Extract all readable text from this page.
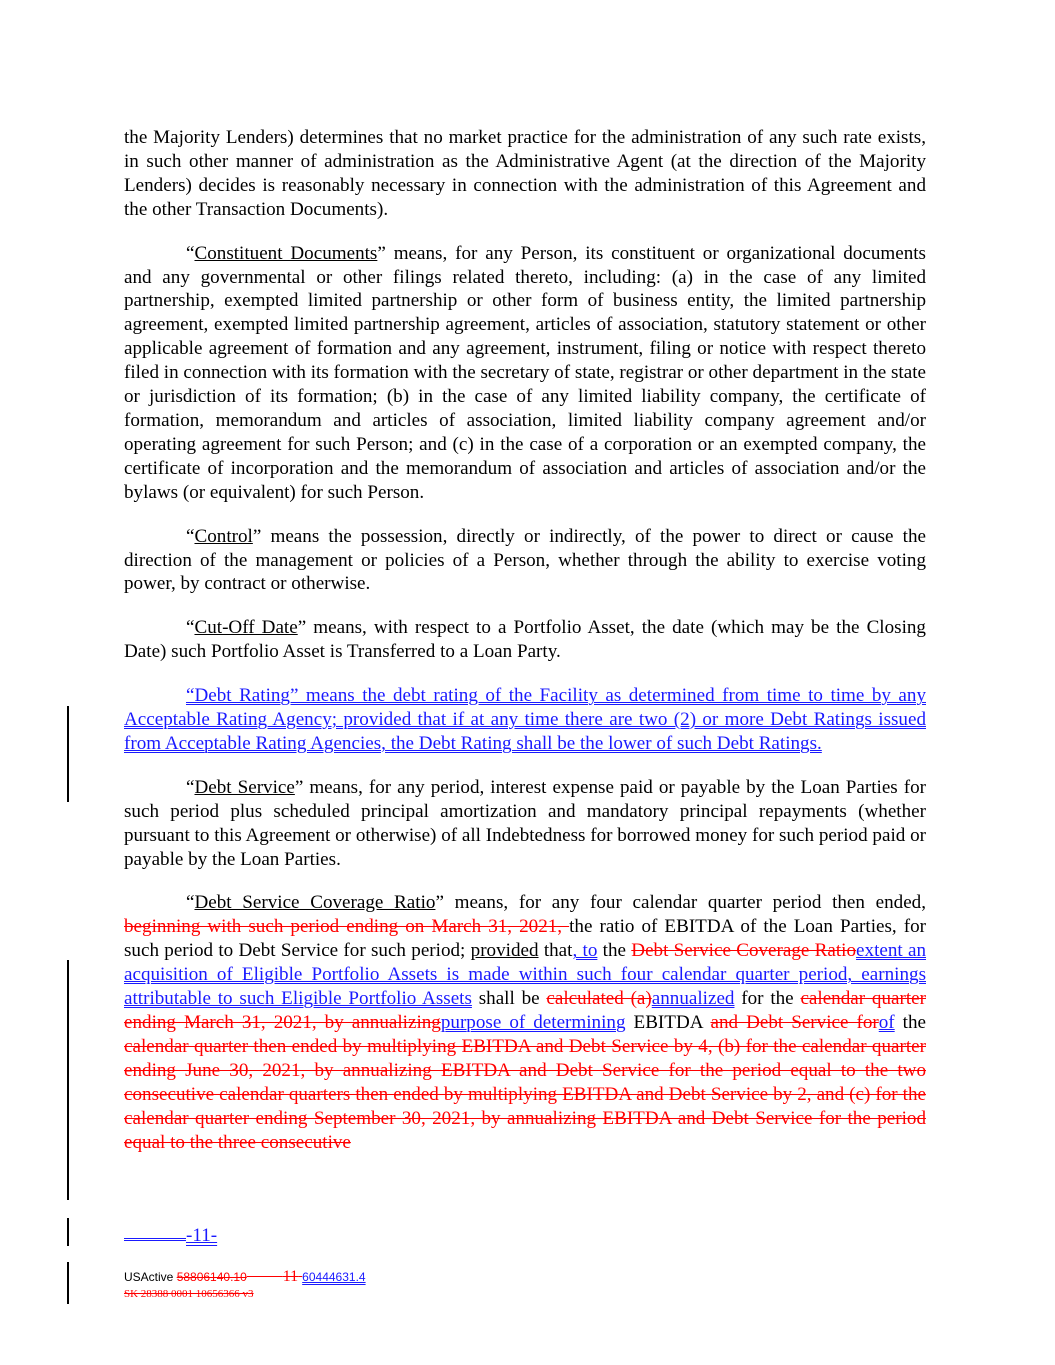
the Majority Lenders) determines that no market practice for the administration of any such rate exists, in such other manner of administration as the Administrative Agent (at the direction of the Majority Lenders) decides is reasonably necessary in connection with the administration of this Agreement and the other Transaction Documents).

“Constituent Documents” means, for any Person, its constituent or organizational documents and any governmental or other filings related thereto, including: (a) in the case of any limited partnership, exempted limited partnership or other form of business entity, the limited partnership agreement, exempted limited partnership agreement, articles of association, statutory statement or other applicable agreement of formation and any agreement, instrument, filing or notice with respect thereto filed in connection with its formation with the secretary of state, registrar or other department in the state or jurisdiction of its formation; (b) in the case of any limited liability company, the certificate of formation, memorandum and articles of association, limited liability company agreement and/or operating agreement for such Person; and (c) in the case of a corporation or an exempted company, the certificate of incorporation and the memorandum of association and articles of association and/or the bylaws (or equivalent) for such Person.

“Control” means the possession, directly or indirectly, of the power to direct or cause the direction of the management or policies of a Person, whether through the ability to exercise voting power, by contract or otherwise.

“Cut-Off Date” means, with respect to a Portfolio Asset, the date (which may be the Closing Date) such Portfolio Asset is Transferred to a Loan Party.

“Debt Rating” means the debt rating of the Facility as determined from time to time by any Acceptable Rating Agency; provided that if at any time there are two (2) or more Debt Ratings issued from Acceptable Rating Agencies, the Debt Rating shall be the lower of such Debt Ratings.

“Debt Service” means, for any period, interest expense paid or payable by the Loan Parties for such period plus scheduled principal amortization and mandatory principal repayments (whether pursuant to this Agreement or otherwise) of all Indebtedness for borrowed money for such period paid or payable by the Loan Parties.

“Debt Service Coverage Ratio” means, for any four calendar quarter period then ended, beginning with such period ending on March 31, 2021, the ratio of EBITDA of the Loan Parties, for such period to Debt Service for such period; provided that, to the Debt Service Coverage Ratioextent an acquisition of Eligible Portfolio Assets is made within such four calendar quarter period, earnings attributable to such Eligible Portfolio Assets shall be calculated (a)annualized for the calendar quarter ending March 31, 2021, by annualizingpurpose of determining EBITDA and Debt Service forof the calendar quarter then ended by multiplying EBITDA and Debt Service by 4, (b) for the calendar quarter ending June 30, 2021, by annualizing EBITDA and Debt Service for the period equal to the two consecutive calendar quarters then ended by multiplying EBITDA and Debt Service by 2, and (c) for the calendar quarter ending September 30, 2021, by annualizing EBITDA and Debt Service for the period equal to the three consecutive

-11-
USActive 58806140.10 11 60444631.4
SK 28388 0001 10656366 v3
